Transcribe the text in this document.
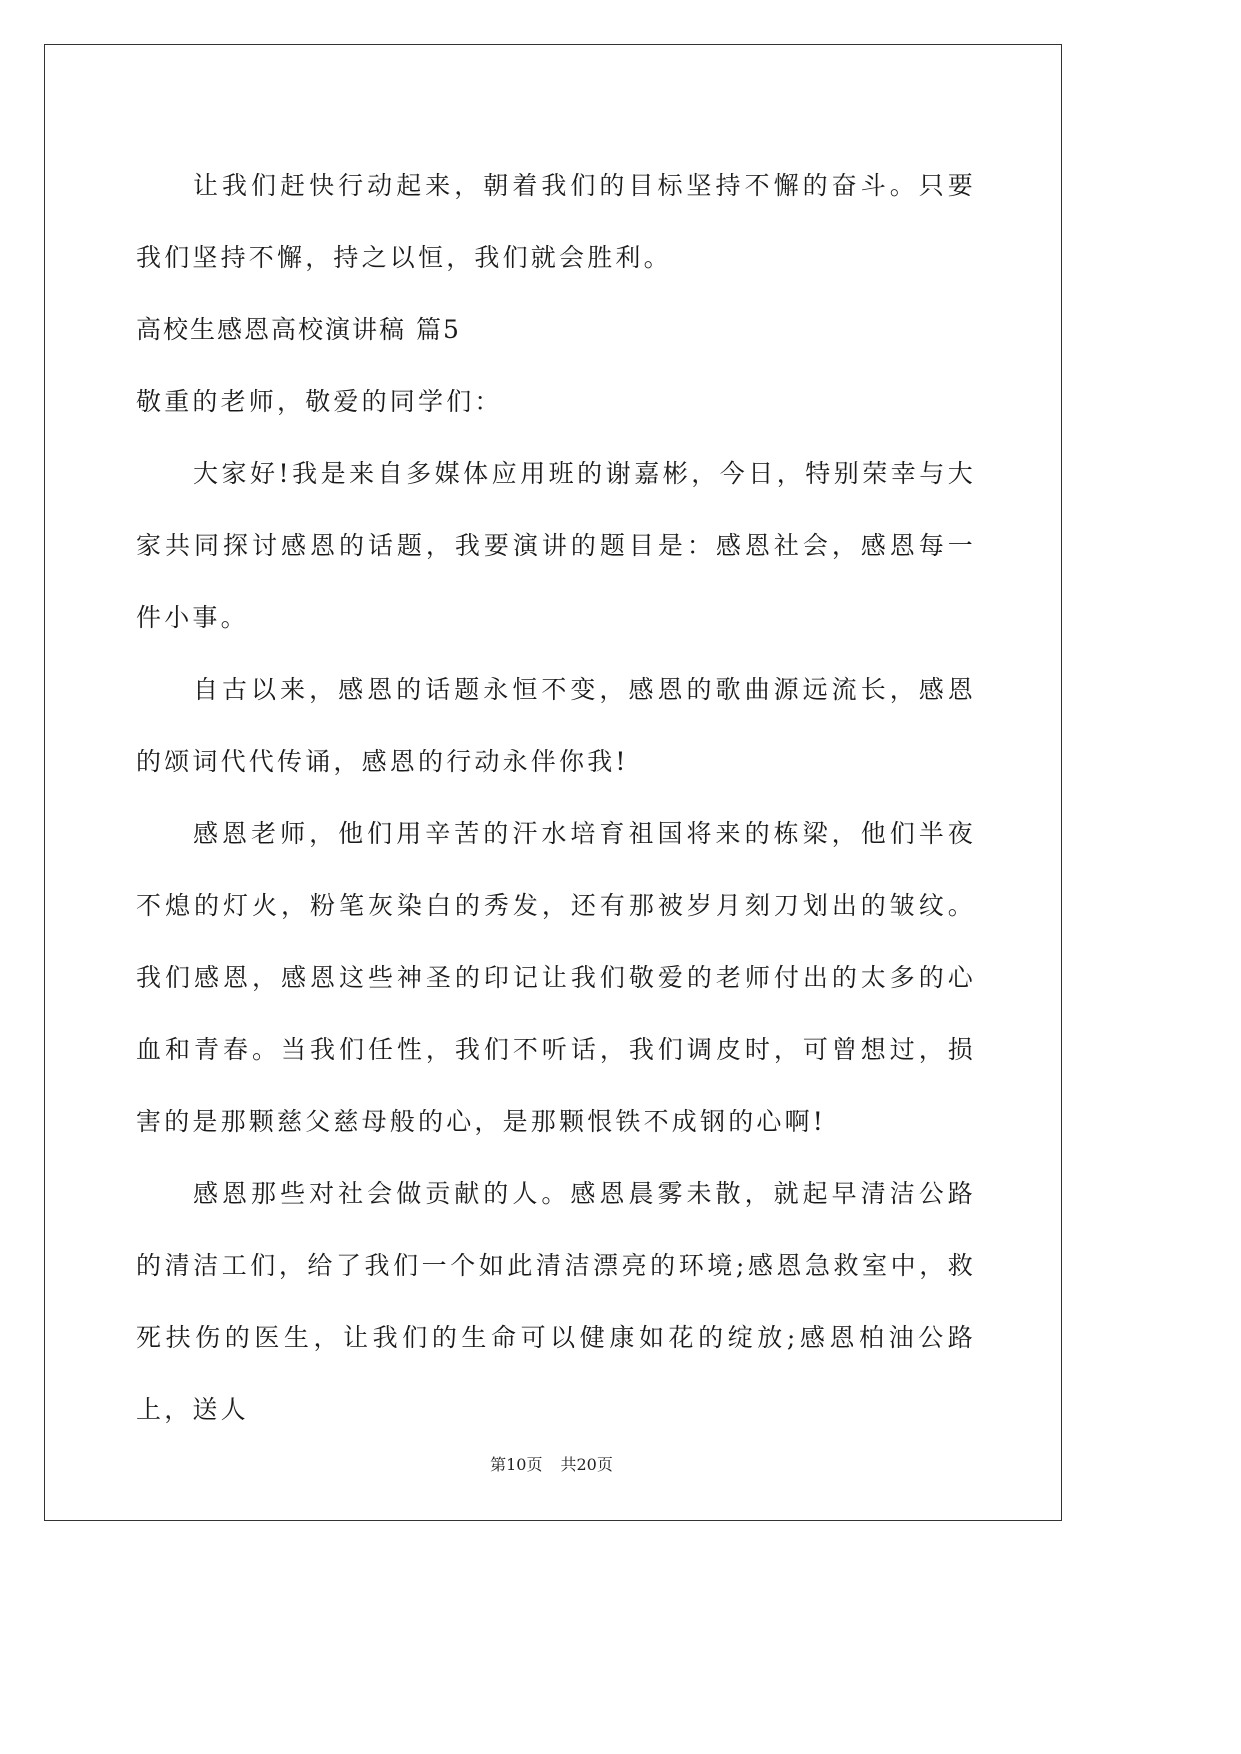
让我们赶快行动起来，朝着我们的目标坚持不懈的奋斗。只要我们坚持不懈，持之以恒，我们就会胜利。

高校生感恩高校演讲稿 篇5

敬重的老师，敬爱的同学们：

大家好!我是来自多媒体应用班的谢嘉彬，今日，特别荣幸与大家共同探讨感恩的话题，我要演讲的题目是：感恩社会，感恩每一件小事。

自古以来，感恩的话题永恒不变，感恩的歌曲源远流长，感恩的颂词代代传诵，感恩的行动永伴你我!

感恩老师，他们用辛苦的汗水培育祖国将来的栋梁，他们半夜不熄的灯火，粉笔灰染白的秀发，还有那被岁月刻刀划出的皱纹。我们感恩，感恩这些神圣的印记让我们敬爱的老师付出的太多的心血和青春。当我们任性，我们不听话，我们调皮时，可曾想过，损害的是那颗慈父慈母般的心，是那颗恨铁不成钢的心啊!

感恩那些对社会做贡献的人。感恩晨雾未散，就起早清洁公路的清洁工们，给了我们一个如此清洁漂亮的环境;感恩急救室中，救死扶伤的医生，让我们的生命可以健康如花的绽放;感恩柏油公路上，送人

第10页 共20页
